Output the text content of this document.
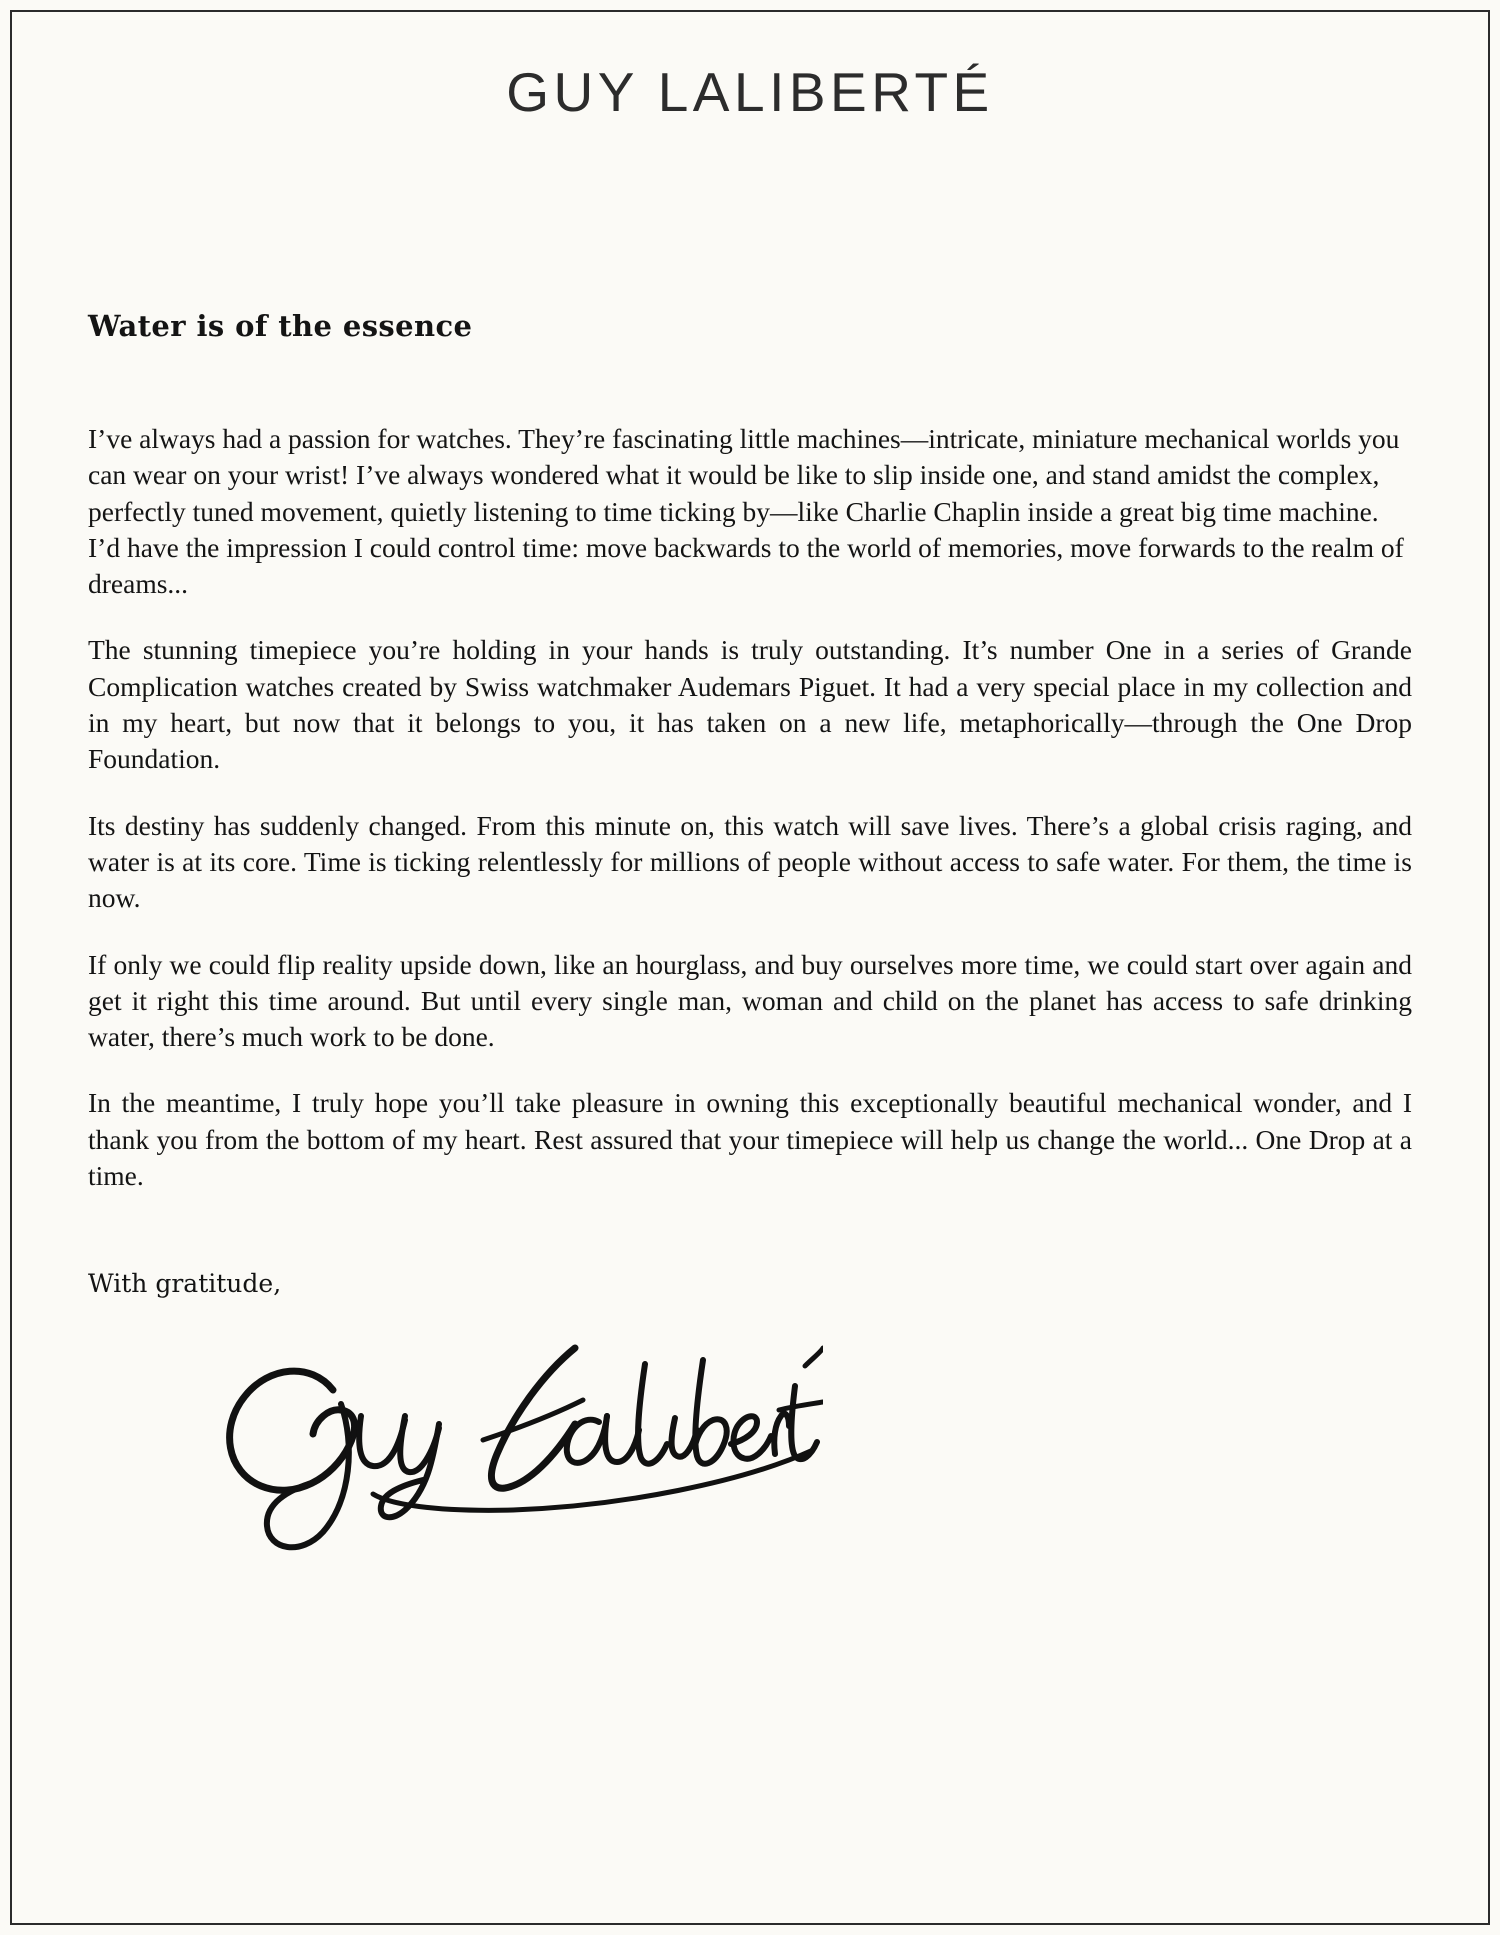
GUY LALIBERTÉ
Water is of the essence

I’ve always had a passion for watches. They’re fascinating little machines—intricate, miniature mechanical worlds you can wear on your wrist! I’ve always wondered what it would be like to slip inside one, and stand amidst the complex, perfectly tuned movement, quietly listening to time ticking by—like Charlie Chaplin inside a great big time machine. I’d have the impression I could control time: move backwards to the world of memories, move forwards to the realm of dreams...

The stunning timepiece you’re holding in your hands is truly outstanding. It’s number One in a series of Grande Complication watches created by Swiss watchmaker Audemars Piguet. It had a very special place in my collection and in my heart, but now that it belongs to you, it has taken on a new life, metaphorically—through the One Drop Foundation.

Its destiny has suddenly changed. From this minute on, this watch will save lives. There’s a global crisis raging, and water is at its core. Time is ticking relentlessly for millions of people without access to safe water. For them, the time is now.

If only we could flip reality upside down, like an hourglass, and buy ourselves more time, we could start over again and get it right this time around. But until every single man, woman and child on the planet has access to safe drinking water, there’s much work to be done.

In the meantime, I truly hope you’ll take pleasure in owning this exceptionally beautiful mechanical wonder, and I thank you from the bottom of my heart. Rest assured that your timepiece will help us change the world... One Drop at a time.

With gratitude,
